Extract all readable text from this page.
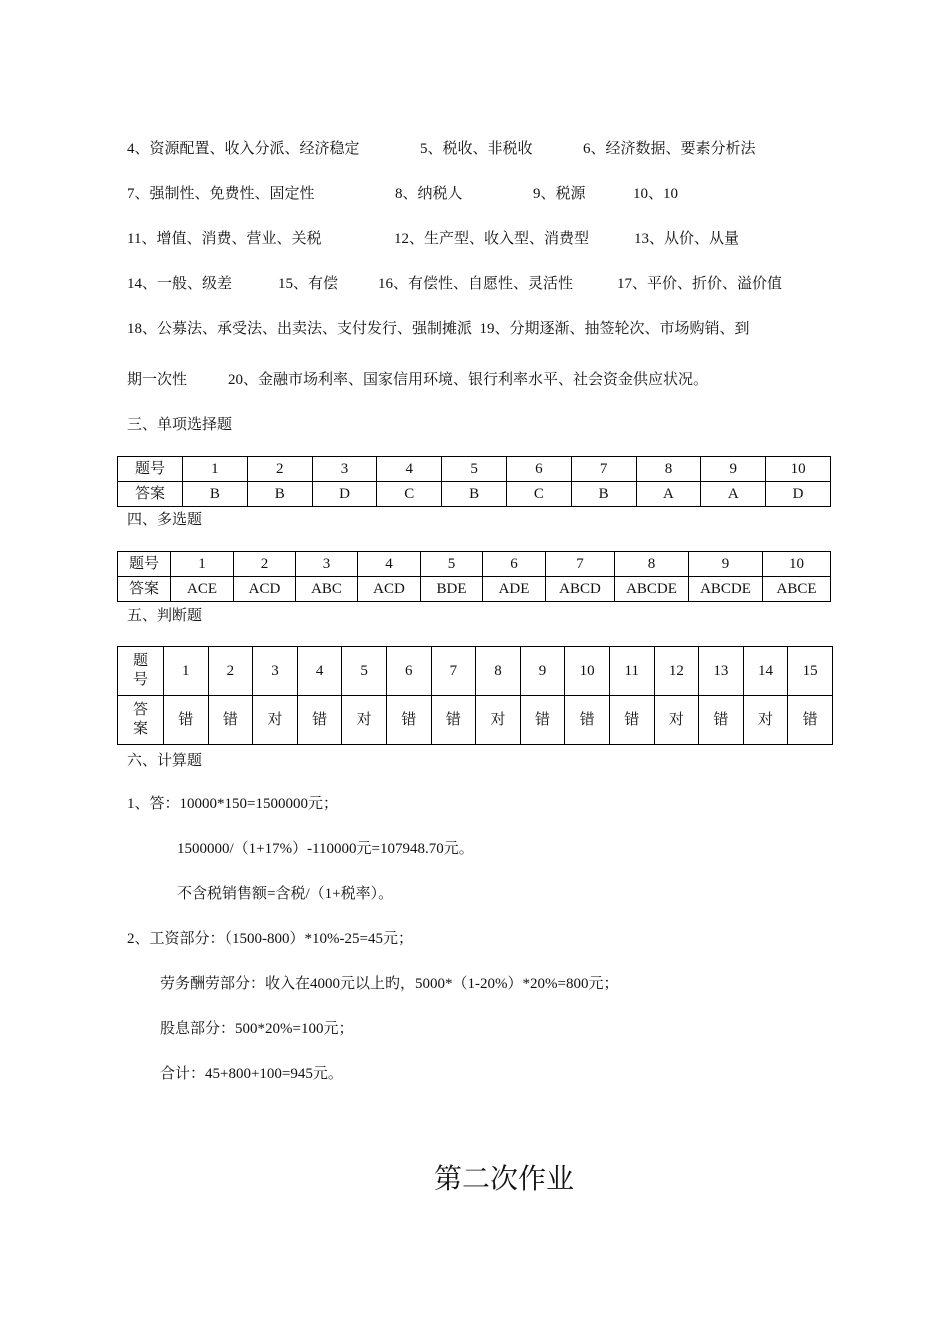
4、资源配置、收入分派、经济稳定	5、税收、非税收	6、经济数据、要素分析法
7、强制性、免费性、固定性	8、纳税人	9、税源	10、10
11、增值、消费、营业、关税	12、生产型、收入型、消费型	13、从价、从量
14、一般、级差	15、有偿	16、有偿性、自愿性、灵活性	17、平价、折价、溢价值
18、公募法、承受法、出卖法、支付发行、强制摊派  19、分期逐渐、抽签轮次、市场购销、到
期一次性	20、金融市场利率、国家信用环境、银行利率水平、社会资金供应状况。
三、单项选择题
题号	1	2	3	4	5	6	7	8	9	10
答案	B	B	D	C	B	C	B	A	A	D
四、多选题
题号	1	2	3	4	5	6	7	8	9	10
答案	ACE	ACD	ABC	ACD	BDE	ADE	ABCD	ABCDE	ABCDE	ABCE
五、判断题
题
号	1	2	3	4	5	6	7	8	9	10	11	12	13	14	15
答
案	错	错	对	错	对	错	错	对	错	错	错	对	错	对	错
六、计算题
1、答：10000*150=1500000元；
1500000/（1+17%）-110000元=107948.70元。
不含税销售额=含税/（1+税率）。
2、工资部分：（1500-800）*10%-25=45元；
劳务酬劳部分：收入在4000元以上旳，5000*（1-20%）*20%=800元；
股息部分：500*20%=100元；
合计：45+800+100=945元。
第二次作业
